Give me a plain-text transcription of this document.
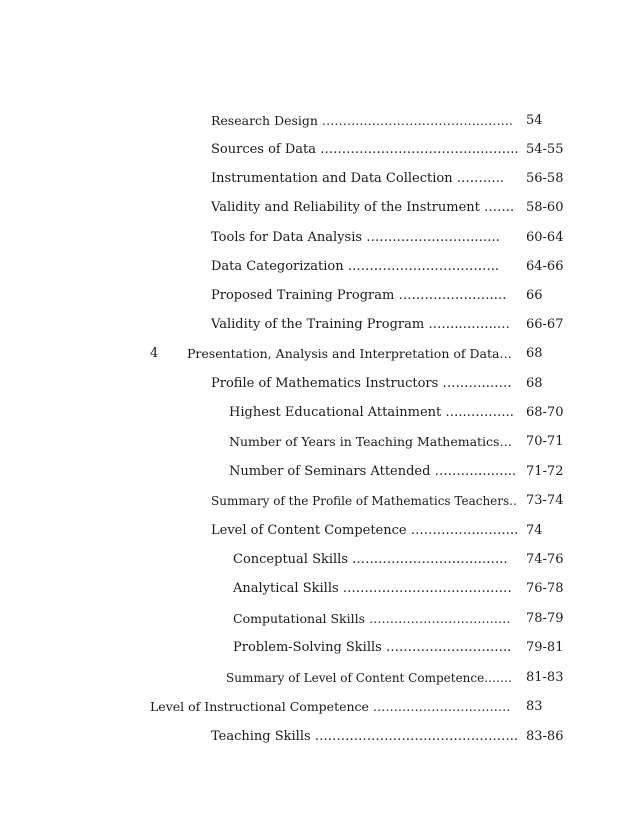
Research Design ……….……………………….…….. 54
Sources of Data ………………………………..…….. 54-55
Instrumentation and Data Collection ……….. 56-58
Validity and Reliability of the Instrument ……. 58-60
Tools for Data Analysis ……………………..….. 60-64
Data Categorization …………………………….. 64-66
Proposed Training Program ………………….… 66
Validity of the Training Program ……..……..… 66-67
4 Presentation, Analysis and Interpretation of Data… 68
Profile of Mathematics Instructors ……….…… 68
Highest Educational Attainment …..……….. 68-70
Number of Years in Teaching Mathematics… 70-71
Number of Seminars Attended …………..….. 71-72
Summary of the Profile of Mathematics Teachers.. 73-74
Level of Content Competence ……………..…….. 74
Conceptual Skills ……………………….…….. 74-76
Analytical Skills ………………………………… 76-78
Computational Skills ……………………….…… 78-79
Problem-Solving Skills ……………………….. 79-81
Summary of Level of Content Competence.…… 81-83
Level of Instructional Competence …………………………… 83
Teaching Skills ……………………………………….. 83-86
